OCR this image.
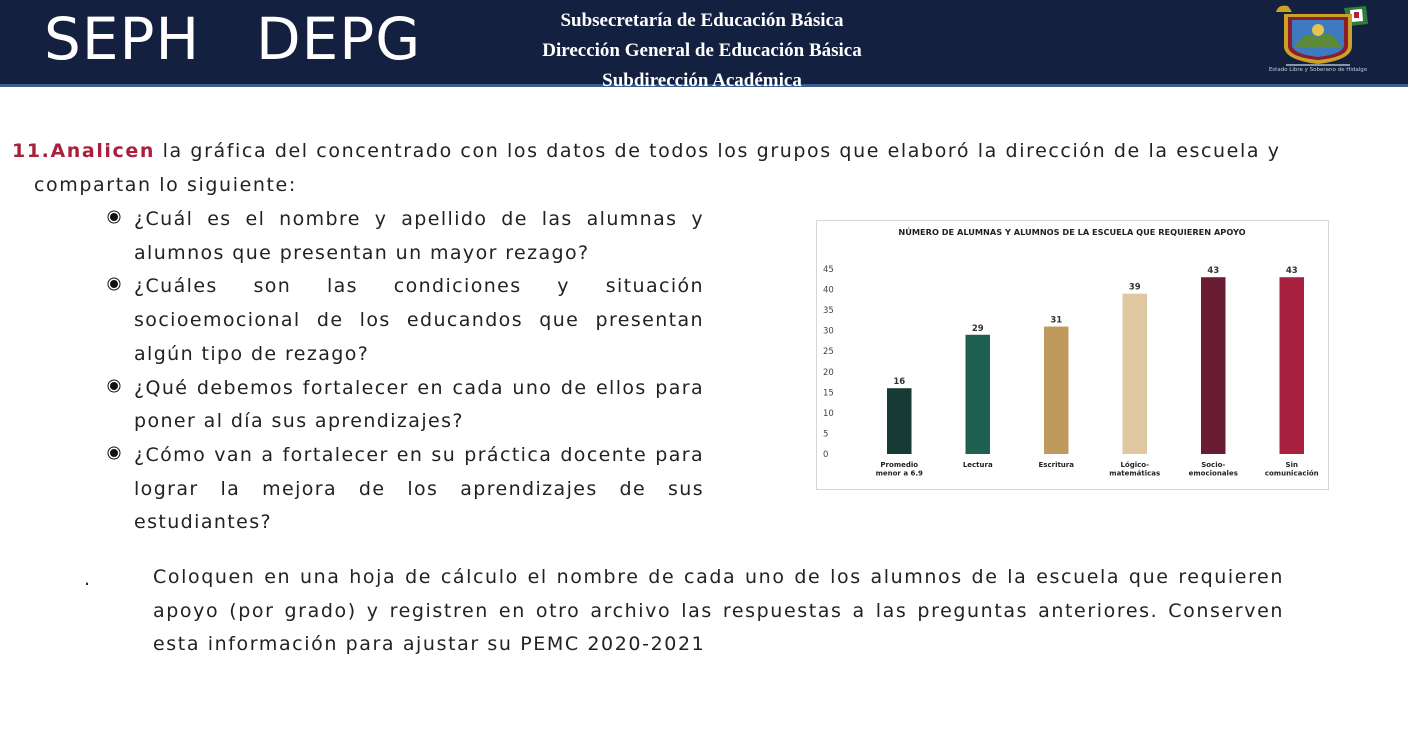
SEPH DEPG	Subsecretaría de Educación Básica
Dirección General de Educación Básica
Subdirección Académica	Estado Libre y Soberano de Hidalgo

11.Analicen la gráfica del concentrado con los datos de todos los grupos que elaboró la dirección de la escuela y
compartan lo siguiente:

¿Cuál es el nombre y apellido de las alumnas y alumnos que presentan un mayor rezago?
¿Cuáles son las condiciones y situación socioemocional de los educandos que presentan algún tipo de rezago?
¿Qué debemos fortalecer en cada uno de ellos para poner al día sus aprendizajes?
¿Cómo van a fortalecer en su práctica docente para lograr la mejora de los aprendizajes de sus estudiantes?
NÚMERO DE ALUMNAS Y ALUMNOS DE LA ESCUELA QUE REQUIEREN APOYO
0
5
10
15
20
25
30
35
40
45
16
Promedio
menor a 6.9
29
Lectura
31
Escritura
39
Lógico-
matemáticas
43
Socio-
emocionales
43
Sin
comunicación
.	Coloquen en una hoja de cálculo el nombre de cada uno de los alumnos de la escuela que requieren apoyo (por grado) y registren en otro archivo las respuestas a las preguntas anteriores. Conserven esta información para ajustar su PEMC 2020-2021
